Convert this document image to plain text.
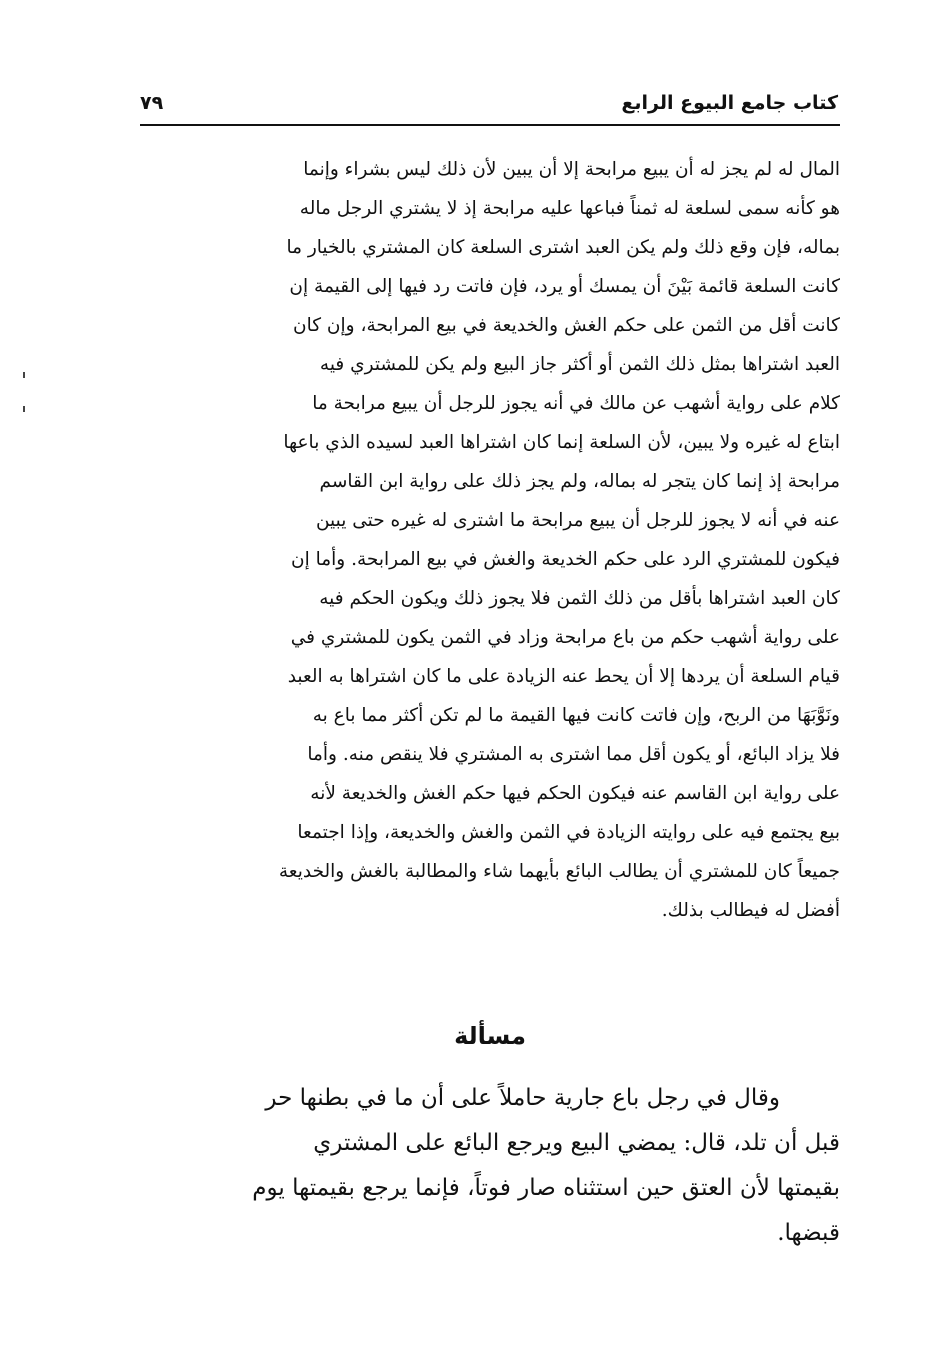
كتاب جامع البيوع الرابع
٧٩
المال له لم يجز له أن يبيع مرابحة إلا أن يبين لأن ذلك ليس بشراء وإنما
هو كأنه سمى لسلعة له ثمناً فباعها عليه مرابحة إذ لا يشتري الرجل ماله
بماله، فإن وقع ذلك ولم يكن العبد اشترى السلعة كان المشتري بالخيار ما
كانت السلعة قائمة بَيْنَ أن يمسك أو يرد، فإن فاتت رد فيها إلى القيمة إن
كانت أقل من الثمن على حكم الغش والخديعة في بيع المرابحة، وإن كان
العبد اشتراها بمثل ذلك الثمن أو أكثر جاز البيع ولم يكن للمشتري فيه
كلام على رواية أشهب عن مالك في أنه يجوز للرجل أن يبيع مرابحة ما
ابتاع له غيره ولا يبين، لأن السلعة إنما كان اشتراها العبد لسيده الذي باعها
مرابحة إذ إنما كان يتجر له بماله، ولم يجز ذلك على رواية ابن القاسم
عنه في أنه لا يجوز للرجل أن يبيع مرابحة ما اشترى له غيره حتى يبين
فيكون للمشتري الرد على حكم الخديعة والغش في بيع المرابحة. وأما إن
كان العبد اشتراها بأقل من ذلك الثمن فلا يجوز ذلك ويكون الحكم فيه
على رواية أشهب حكم من باع مرابحة وزاد في الثمن يكون للمشتري في
قيام السلعة أن يردها إلا أن يحط عنه الزيادة على ما كان اشتراها به العبد
ونَوَّبَهَا من الربح، وإن فاتت كانت فيها القيمة ما لم تكن أكثر مما باع به
فلا يزاد البائع، أو يكون أقل مما اشترى به المشتري فلا ينقص منه. وأما
على رواية ابن القاسم عنه فيكون الحكم فيها حكم الغش والخديعة لأنه
بيع يجتمع فيه على روايته الزيادة في الثمن والغش والخديعة، وإذا اجتمعا
جميعاً كان للمشتري أن يطالب البائع بأيهما شاء والمطالبة بالغش والخديعة
أفضل له فيطالب بذلك.
مسألة
وقال في رجل باع جارية حاملاً على أن ما في بطنها حر
قبل أن تلد، قال: يمضي البيع ويرجع البائع على المشتري
بقيمتها لأن العتق حين استثناه صار فوتاً، فإنما يرجع بقيمتها يوم
قبضها.
